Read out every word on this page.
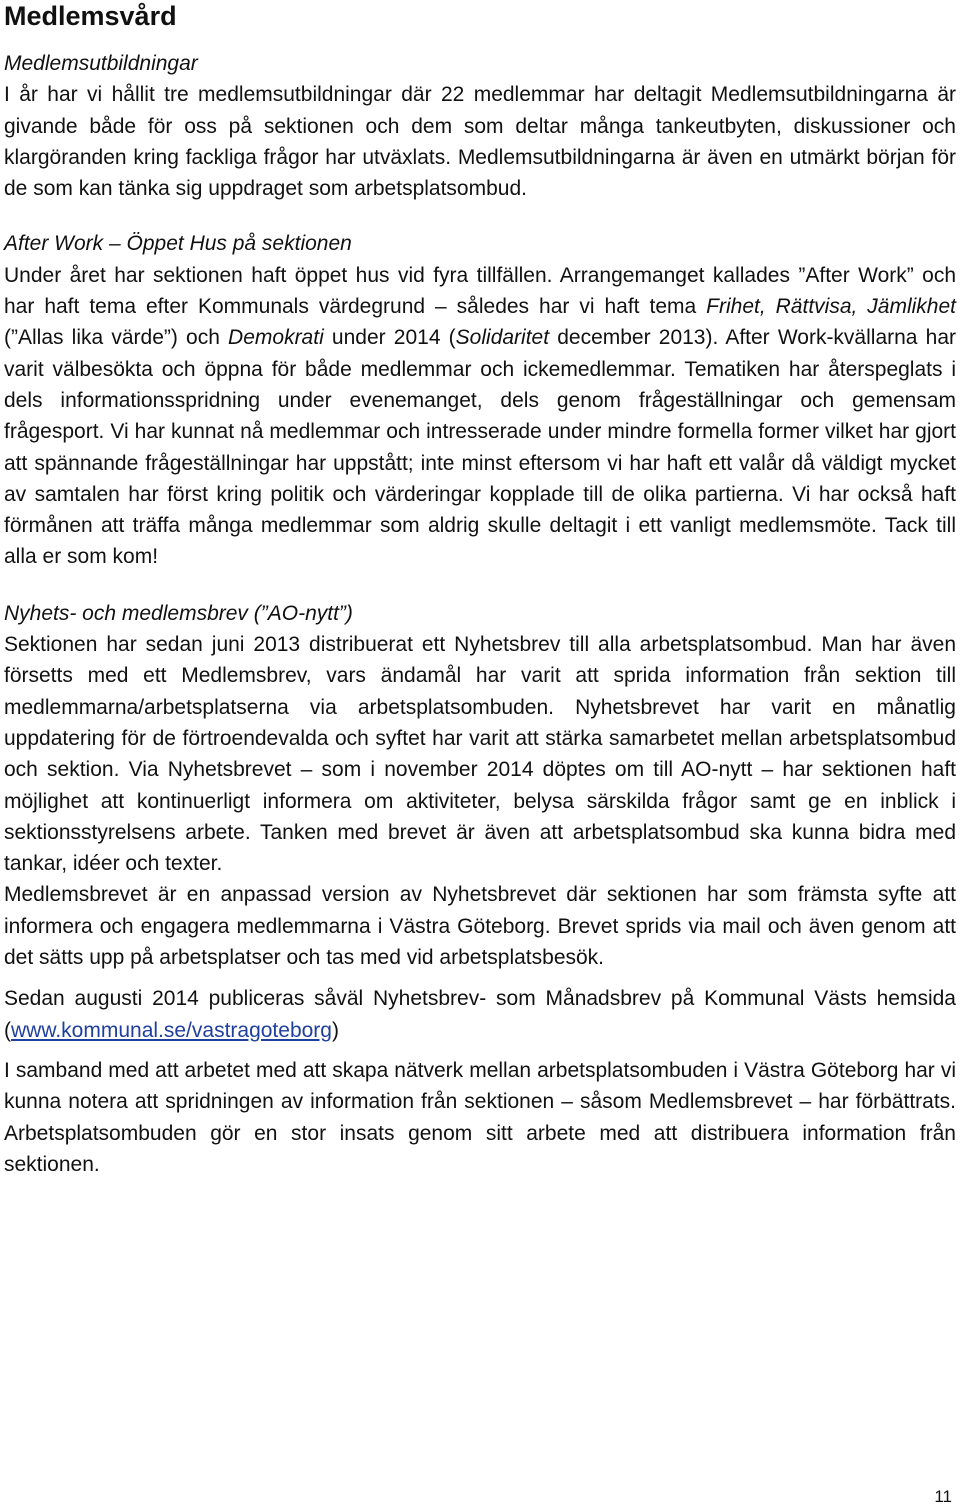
Medlemsvård

Medlemsutbildningar

I år har vi hållit tre medlemsutbildningar där 22 medlemmar har deltagit Medlemsutbildningarna är givande både för oss på sektionen och dem som deltar många tankeutbyten, diskussioner och klargöranden kring fackliga frågor har utväxlats. Medlemsutbildningarna är även en utmärkt början för de som kan tänka sig uppdraget som arbetsplatsombud.

After Work – Öppet Hus på sektionen

Under året har sektionen haft öppet hus vid fyra tillfällen. Arrangemanget kallades ”After Work” och har haft tema efter Kommunals värdegrund – således har vi haft tema Frihet, Rättvisa, Jämlikhet (”Allas lika värde”) och Demokrati under 2014 (Solidaritet december 2013). After Work-kvällarna har varit välbesökta och öppna för både medlemmar och ickemedlemmar. Tematiken har återspeglats i dels informationsspridning under evenemanget, dels genom frågeställningar och gemensam frågesport. Vi har kunnat nå medlemmar och intresserade under mindre formella former vilket har gjort att spännande frågeställningar har uppstått; inte minst eftersom vi har haft ett valår då väldigt mycket av samtalen har först kring politik och värderingar kopplade till de olika partierna. Vi har också haft förmånen att träffa många medlemmar som aldrig skulle deltagit i ett vanligt medlemsmöte. Tack till alla er som kom!

Nyhets- och medlemsbrev (”AO-nytt”)

Sektionen har sedan juni 2013 distribuerat ett Nyhetsbrev till alla arbetsplatsombud. Man har även försetts med ett Medlemsbrev, vars ändamål har varit att sprida information från sektion till medlemmarna/arbetsplatserna via arbetsplatsombuden. Nyhetsbrevet har varit en månatlig uppdatering för de förtroendevalda och syftet har varit att stärka samarbetet mellan arbetsplatsombud och sektion. Via Nyhetsbrevet – som i november 2014 döptes om till AO-nytt – har sektionen haft möjlighet att kontinuerligt informera om aktiviteter, belysa särskilda frågor samt ge en inblick i sektionsstyrelsens arbete. Tanken med brevet är även att arbetsplatsombud ska kunna bidra med tankar, idéer och texter.

Medlemsbrevet är en anpassad version av Nyhetsbrevet där sektionen har som främsta syfte att informera och engagera medlemmarna i Västra Göteborg. Brevet sprids via mail och även genom att det sätts upp på arbetsplatser och tas med vid arbetsplatsbesök.

Sedan augusti 2014 publiceras såväl Nyhetsbrev- som Månadsbrev på Kommunal Västs hemsida (www.kommunal.se/vastragoteborg)

I samband med att arbetet med att skapa nätverk mellan arbetsplatsombuden i Västra Göteborg har vi kunna notera att spridningen av information från sektionen – såsom Medlemsbrevet – har förbättrats. Arbetsplatsombuden gör en stor insats genom sitt arbete med att distribuera information från sektionen.

11
